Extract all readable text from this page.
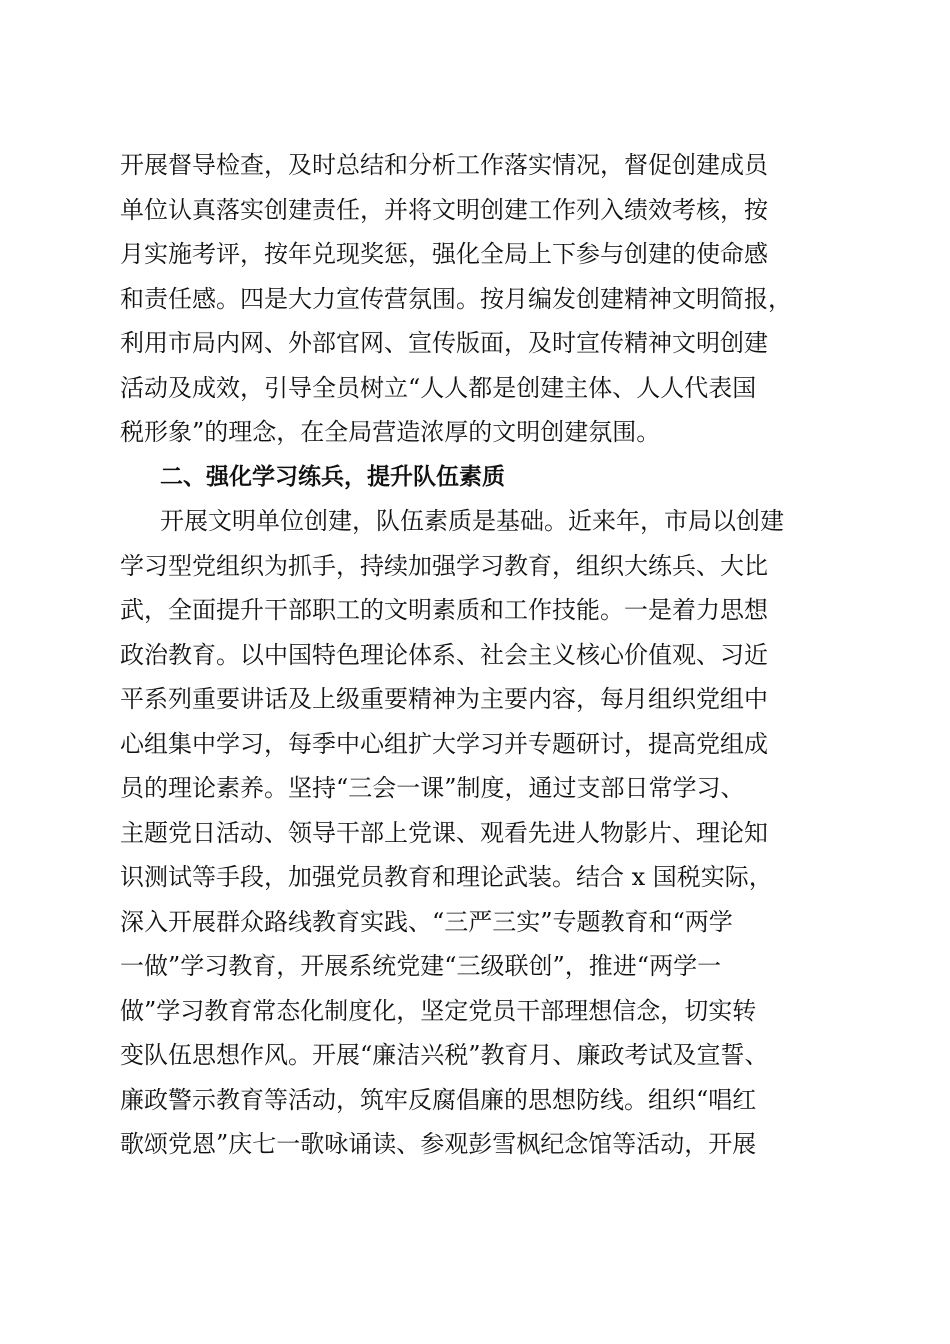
开展督导检查，及时总结和分析工作落实情况，督促创建成员
单位认真落实创建责任，并将文明创建工作列入绩效考核，按
月实施考评，按年兑现奖惩，强化全局上下参与创建的使命感
和责任感。四是大力宣传营氛围。按月编发创建精神文明简报，
利用市局内网、外部官网、宣传版面，及时宣传精神文明创建
活动及成效，引导全员树立“人人都是创建主体、人人代表国
税形象”的理念，在全局营造浓厚的文明创建氛围。
二、强化学习练兵，提升队伍素质
开展文明单位创建，队伍素质是基础。近来年，市局以创建
学习型党组织为抓手，持续加强学习教育，组织大练兵、大比
武，全面提升干部职工的文明素质和工作技能。一是着力思想
政治教育。以中国特色理论体系、社会主义核心价值观、习近
平系列重要讲话及上级重要精神为主要内容，每月组织党组中
心组集中学习，每季中心组扩大学习并专题研讨，提高党组成
员的理论素养。坚持“三会一课”制度，通过支部日常学习、
主题党日活动、领导干部上党课、观看先进人物影片、理论知
识测试等手段，加强党员教育和理论武装。结合 x 国税实际，
深入开展群众路线教育实践、“三严三实”专题教育和“两学
一做”学习教育，开展系统党建“三级联创”，推进“两学一
做”学习教育常态化制度化，坚定党员干部理想信念，切实转
变队伍思想作风。开展“廉洁兴税”教育月、廉政考试及宣誓、
廉政警示教育等活动，筑牢反腐倡廉的思想防线。组织“唱红
歌颂党恩”庆七一歌咏诵读、参观彭雪枫纪念馆等活动，开展
